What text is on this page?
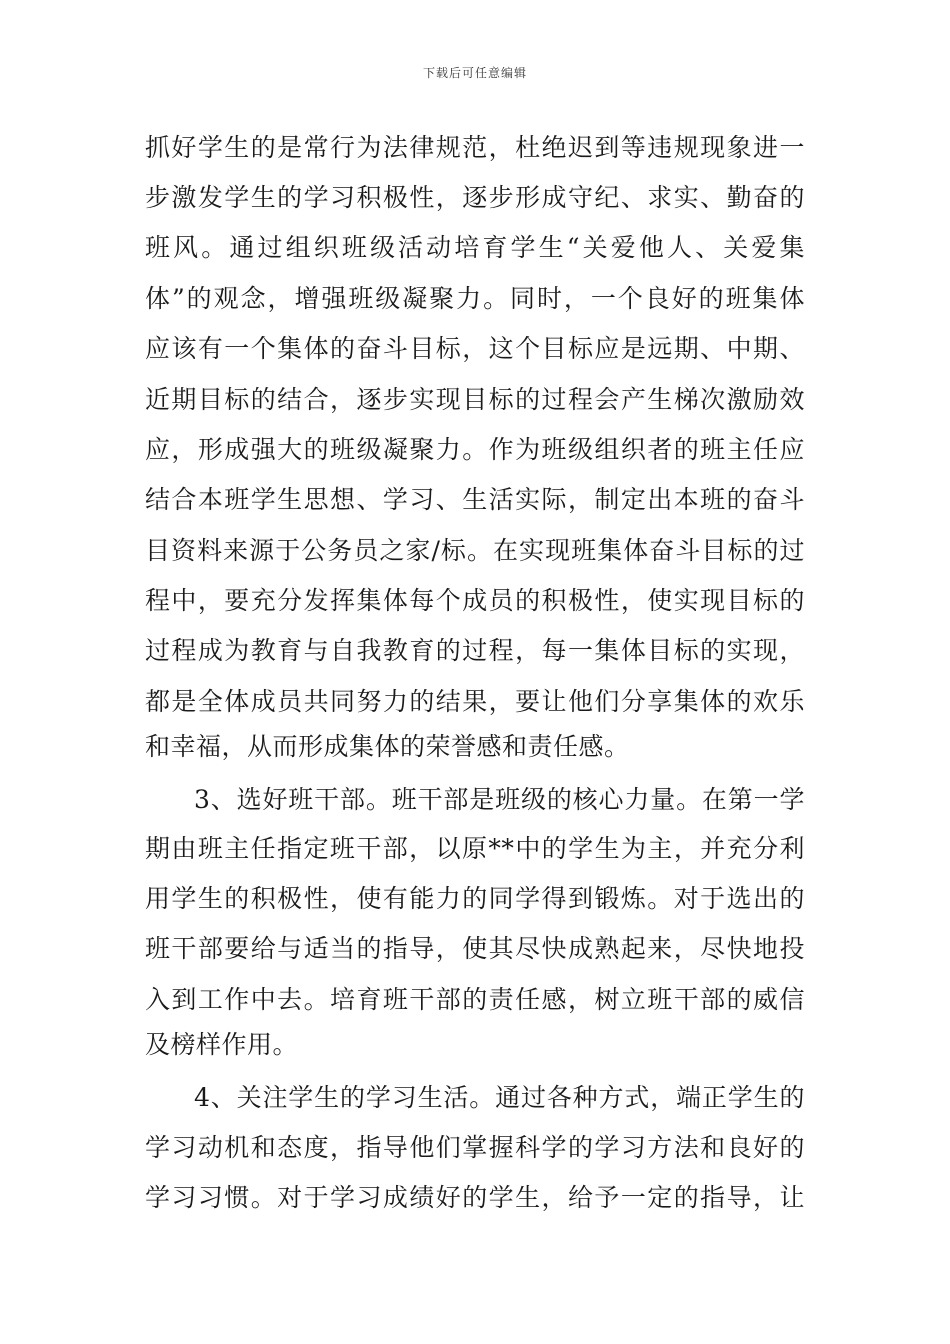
下载后可任意编辑
抓好学生的是常行为法律规范，杜绝迟到等违规现象进一
步激发学生的学习积极性，逐步形成守纪、求实、勤奋的
班风。通过组织班级活动培育学生“关爱他人、关爱集
体”的观念，增强班级凝聚力。同时，一个良好的班集体
应该有一个集体的奋斗目标，这个目标应是远期、中期、
近期目标的结合，逐步实现目标的过程会产生梯次激励效
应，形成强大的班级凝聚力。作为班级组织者的班主任应
结合本班学生思想、学习、生活实际，制定出本班的奋斗
目资料来源于公务员之家/标。在实现班集体奋斗目标的过
程中，要充分发挥集体每个成员的积极性，使实现目标的
过程成为教育与自我教育的过程，每一集体目标的实现，
都是全体成员共同努力的结果，要让他们分享集体的欢乐
和幸福，从而形成集体的荣誉感和责任感。
3、选好班干部。班干部是班级的核心力量。在第一学
期由班主任指定班干部，以原**中的学生为主，并充分利
用学生的积极性，使有能力的同学得到锻炼。对于选出的
班干部要给与适当的指导，使其尽快成熟起来，尽快地投
入到工作中去。培育班干部的责任感，树立班干部的威信
及榜样作用。
4、关注学生的学习生活。通过各种方式，端正学生的
学习动机和态度，指导他们掌握科学的学习方法和良好的
学习习惯。对于学习成绩好的学生，给予一定的指导，让
